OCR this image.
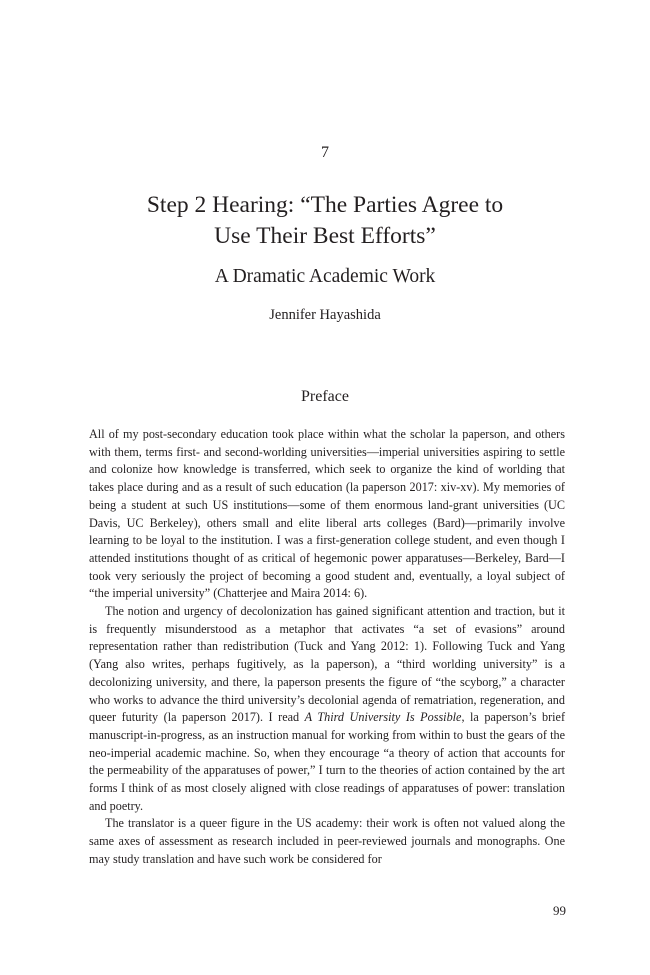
7
Step 2 Hearing: “The Parties Agree to
Use Their Best Efforts”
A Dramatic Academic Work
Jennifer Hayashida
Preface

All of my post-secondary education took place within what the scholar la paperson, and others with them, terms first- and second-worlding universities—imperial universities aspiring to settle and colonize how knowledge is transferred, which seek to organize the kind of worlding that takes place during and as a result of such education (la paperson 2017: xiv-xv). My memories of being a student at such US institutions—some of them enormous land-grant universities (UC Davis, UC Berkeley), others small and elite liberal arts colleges (Bard)—primarily involve learning to be loyal to the institution. I was a first-generation college student, and even though I attended institutions thought of as critical of hegemonic power apparatuses—Berkeley, Bard—I took very seriously the project of becoming a good student and, eventually, a loyal subject of “the imperial university” (Chatterjee and Maira 2014: 6).

The notion and urgency of decolonization has gained significant attention and traction, but it is frequently misunderstood as a metaphor that activates “a set of evasions” around representation rather than redistribution (Tuck and Yang 2012: 1). Following Tuck and Yang (Yang also writes, perhaps fugitively, as la paperson), a “third worlding university” is a decolonizing university, and there, la paperson presents the figure of “the scyborg,” a character who works to advance the third university’s decolonial agenda of rematriation, regeneration, and queer futurity (la paperson 2017). I read A Third University Is Possible, la paperson’s brief manuscript-in-progress, as an instruction manual for working from within to bust the gears of the neo-imperial academic machine. So, when they encourage “a theory of action that accounts for the permeability of the apparatuses of power,” I turn to the theories of action contained by the art forms I think of as most closely aligned with close readings of apparatuses of power: translation and poetry.

The translator is a queer figure in the US academy: their work is often not valued along the same axes of assessment as research included in peer-reviewed journals and monographs. One may study translation and have such work be considered for

99
